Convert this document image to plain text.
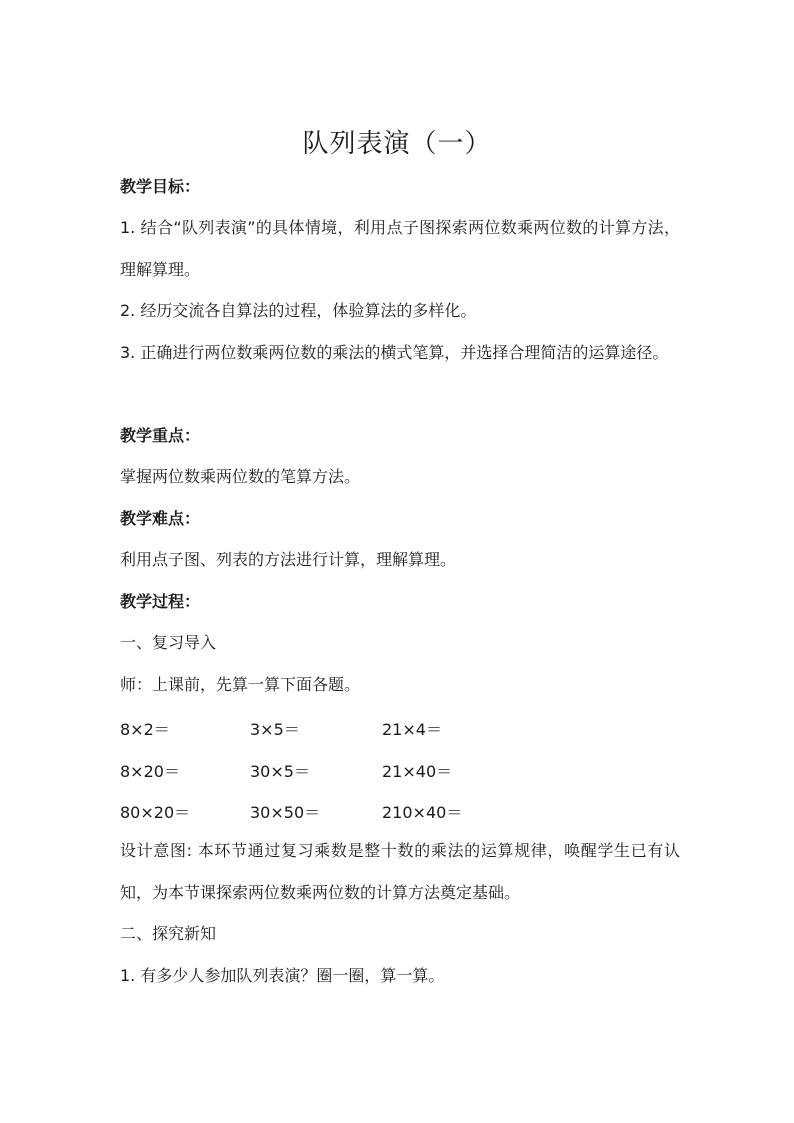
队列表演（一）

教学目标：

1. 结合“队列表演”的具体情境，利用点子图探索两位数乘两位数的计算方法，理解算理。

2. 经历交流各自算法的过程，体验算法的多样化。

3. 正确进行两位数乘两位数的乘法的横式笔算，并选择合理简洁的运算途径。

教学重点：

掌握两位数乘两位数的笔算方法。

教学难点：

利用点子图、列表的方法进行计算，理解算理。

教学过程：

一、复习导入

师：上课前，先算一算下面各题。

8×2＝	3×5＝	21×4＝
8×20＝	30×5＝	21×40＝
80×20＝	30×50＝	210×40＝

设计意图: 本环节通过复习乘数是整十数的乘法的运算规律，唤醒学生已有认知，为本节课探索两位数乘两位数的计算方法奠定基础。

二、探究新知

1. 有多少人参加队列表演？圈一圈，算一算。
